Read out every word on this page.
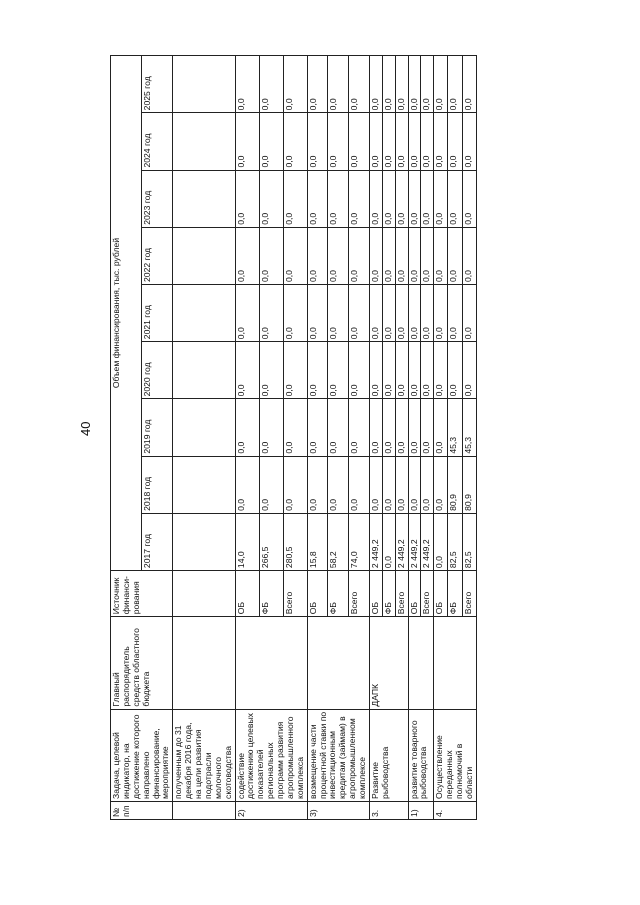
40
№ п/п	Задача, целевой индикатор, на достижение которого направлено финансирование, мероприятие	Главный распорядитель средств областного бюджета	Источник финанси-рования	Объем финансирования, тыс. рублей								
				2017 год	2018 год	2019 год	2020 год	2021 год	2022 год	2023 год	2024 год	2025 год
	полученным до 31 декабря 2016 года, на цели развития подотрасли молочного скотоводства											
2)	содействие достижению целевых показателей региональных программ развития агропромышленного комплекса		ОБ	14,0	0,0	0,0	0,0	0,0	0,0	0,0	0,0	0,0
			ФБ	266,5	0,0	0,0	0,0	0,0	0,0	0,0	0,0	0,0
			Всего	280,5	0,0	0,0	0,0	0,0	0,0	0,0	0,0	0,0
3)	возмещение части процентной ставки по инвестиционным кредитам (займам) в агропромышленном комплексе		ОБ	15,8	0,0	0,0	0,0	0,0	0,0	0,0	0,0	0,0
			ФБ	58,2	0,0	0,0	0,0	0,0	0,0	0,0	0,0	0,0
			Всего	74,0	0,0	0,0	0,0	0,0	0,0	0,0	0,0	0,0
3.	Развитие рыбоводства	ДАПК	ОБ	2 449,2	0,0	0,0	0,0	0,0	0,0	0,0	0,0	0,0
			ФБ	0,0	0,0	0,0	0,0	0,0	0,0	0,0	0,0	0,0
			Всего	2 449,2	0,0	0,0	0,0	0,0	0,0	0,0	0,0	0,0
1)	развитие товарного рыбоводства		ОБ	2 449,2	0,0	0,0	0,0	0,0	0,0	0,0	0,0	0,0
			Всего	2 449,2	0,0	0,0	0,0	0,0	0,0	0,0	0,0	0,0
4.	Осуществление переданных полномочий в области		ОБ	0,0	0,0	0,0	0,0	0,0	0,0	0,0	0,0	0,0
			ФБ	82,5	80,9	45,3	0,0	0,0	0,0	0,0	0,0	0,0
			Всего	82,5	80,9	45,3	0,0	0,0	0,0	0,0	0,0	0,0
